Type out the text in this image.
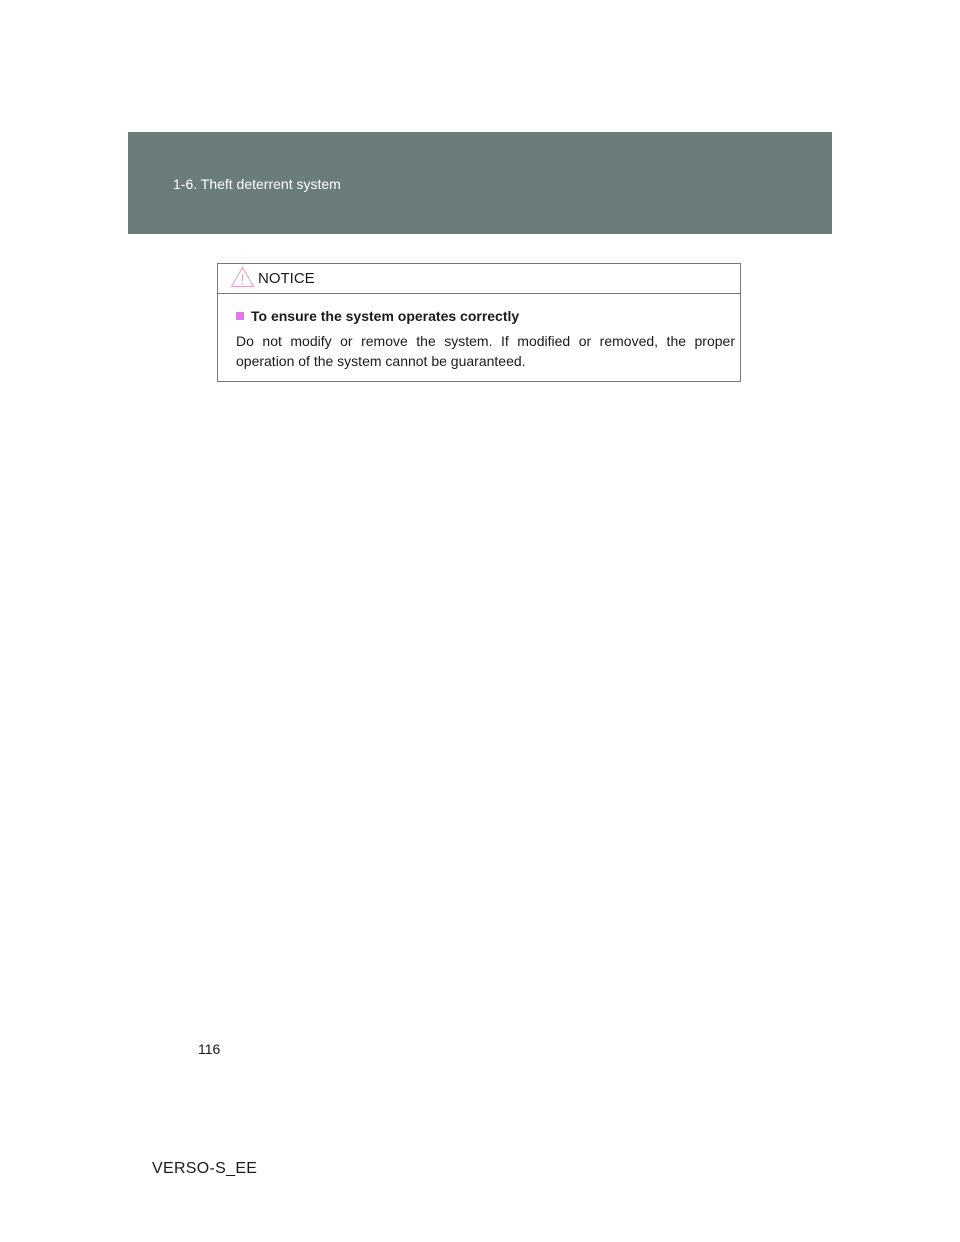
1-6. Theft deterrent system
NOTICE
To ensure the system operates correctly
Do not modify or remove the system. If modified or removed, the proper operation of the system cannot be guaranteed.
116
VERSO-S_EE
